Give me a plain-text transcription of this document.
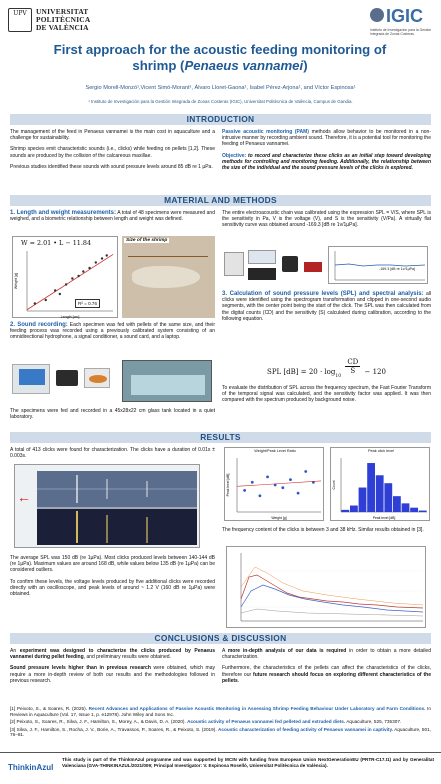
UPV	UNIVERSITAT
POLITÈCNICA
DE VALÈNCIA
IGIC
Instituto de Investigación para la Gestión Integrada de Zonas Costeras
First approach for the acoustic feeding monitoring of
shrimp (Penaeus vannamei)
Sergio Morell-Monzó¹,Vicent Simó-Morant¹, Álvaro Lloret-Gaona¹, Isabel Pérez-Arjona¹, and Víctor Espinosa¹
¹ Instituto de Investigación para la Gestión Integrada de Zonas Costeras (IGIC), Universitat Politècnica de València, Campus de Gandia.
INTRODUCTION

The management of the feed in Penaeus vannamei is the main cost in aquaculture and a challenge for sustainability.

Shrimp species emit characteristic sounds (i.e., clicks) while feeding on pellets [1,2]. These sounds are produced by the collision of the calcareous maxillae.

Previous studies identified these sounds with sound pressure levels around 85 dB re 1 µPa.

Passive acoustic monitoring (PAM) methods allow behavior to be monitored in a non-intrusive manner by recording ambient sound. Therefore, it is a potential tool for monitoring the feeding of Penaeus vannamei.

Objective: to record and characterize these clicks as an initial step toward developing methods for controlling and monitoring feeding. Additionally, the relationship between the size of the individual and the sound pressure levels of the clicks is explored.

MATERIAL AND METHODS

1. Length and weight measurements: A total of 48 specimens were measured and weighed, and a biometric relationship between length and weight was defined.

Length [cm]
Weight [g]
W = 2.01 • L − 11.84
R² = 0.76
Size of the shrimp

2. Sound recording: Each specimen was fed with pellets of the same size, and their feeding process was recorded using a previously calibrated system consisting of an omnidirectional hydrophone, a signal conditioner, a sound card, and a laptop.

The specimens were fed and recorded in a 45x28x22 cm glass tank located in a quiet laboratory.

The entire electroacoustic chain was calibrated using the expression SPL = V/S, where SPL is the sensitivity in Pa, V is the voltage (V), and S is the sensitivity (V/Pa). A virtually flat sensitivity curve was obtained around -169.3 [dB re 1v/1µPa].

-169.3 [dB re 1v/1µPa]

3. Calculation of sound pressure levels (SPL) and spectral analysis: all clicks were identified using the spectrogram transformation and clipped in one-second audio segments, with the center point being the start of the click. The SPL was then calculated from the digital counts (CD) and the sensitivity (S) calculated during calibration, according to the following equation.

SPL $[dB] = 20 \cdot \log_{10}$
$\frac{CD}{S} - 120$

To evaluate the distribution of SPL across the frequency spectrum, the Fast Fourier Transform of the temporal signal was calculated, and the sensitivity factor was applied. It was then compared with the spectrum produced by background noise.

RESULTS

A total of 413 clicks were found for characterization. The clicks have a duration of 0.01s ± 0.003s.

←

The average SPL was 150 dB (re 1µPa). Most clicks produced levels between 140-144 dB (re 1µPa). Maximum values are around 168 dB, while values below 135 dB (re 1µPa) can be considered outliers.

To confirm these levels, the voltage levels produced by five additional clicks were recorded directly with an oscilloscope, and peak levels of around ~ 1.2 V (160 dB re 1µPa) were obtained.

Weight/Peak Level Ratio
Weight [g]
Peak level [dB]
Peak click level
Peak level [dB]
Count

The frequency content of the clicks is between 3 and 38 kHz. Similar results obtained in [3].

CONCLUSIONS & DISCUSSION

An experiment was designed to characterize the clicks produced by Penaeus vannamei during pellet feeding, and preliminary results were obtained.

Sound pressure levels higher than in previous research were obtained, which may require a more in-depth review of both our results and the methodologies followed in previous research.

A more in-depth analysis of our data is required in order to obtain a more detailed characterization.

Furthermore, the characteristics of the pellets can affect the characteristics of the clicks, therefore our future research should focus on exploring different characteristics of the pellets.

[1] Peixoto, S., & Soares, R. (2025). Recent Advances and Applications of Passive Acoustic Monitoring in Assessing Shrimp Feeding Behaviour Under Laboratory and Farm Conditions. In Reviews in Aquaculture (Vol. 17, Issue 1, p. e12978). John Wiley and Sons Inc.

[2] Peixoto, S., Soares, R., Silva, J. F., Hamilton, S., Morey, A., & Davis, D. A. (2020). Acoustic activity of Penaeus vannamei fed pelleted and extruded diets. Aquaculture, 525, 735307.

[3] Silva, J. F., Hamilton, S., Rocha, J. V., Borie, A., Travassos, P., Soares, R., & Peixoto, S. (2019). Acoustic characterization of feeding activity of Penaeus vannamei in captivity. Aquaculture, 501, 76–81.

ThinkinAzul
This study is part of the ThinkInAzul programme and was supported by MCIN with funding from European Union NextGenerationEU (PRTR-C17.I1) and by Generalitat Valenciana (GVA-THINKINAZUL/2021/009; Principal Investigator: V. Espinosa Roselló, Universitat Politècnica de València).
